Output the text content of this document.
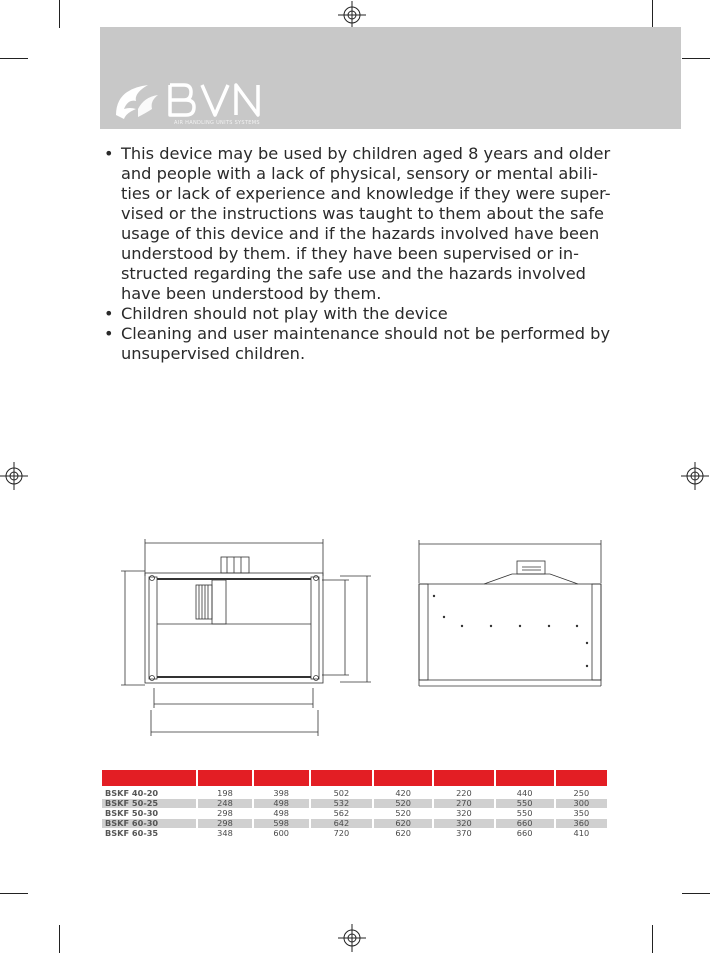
AIR HANDLING UNITS SYSTEMS
• This device may be used by children aged 8 years and older
and people with a lack of physical, sensory or mental abili-
ties or lack of experience and knowledge if they were super-
vised or the instructions was taught to them about the safe
usage of this device and if the hazards involved have been
understood by them. if they have been supervised or in-
structed regarding the safe use and the hazards involved
have been understood by them.
• Children should not play with the device
• Cleaning and user maintenance should not be performed by
unsupervised children.

BSKF 40-20	198	398	502	420	220	440	250
BSKF 50-25	248	498	532	520	270	550	300
BSKF 50-30	298	498	562	520	320	550	350
BSKF 60-30	298	598	642	620	320	660	360
BSKF 60-35	348	600	720	620	370	660	410
